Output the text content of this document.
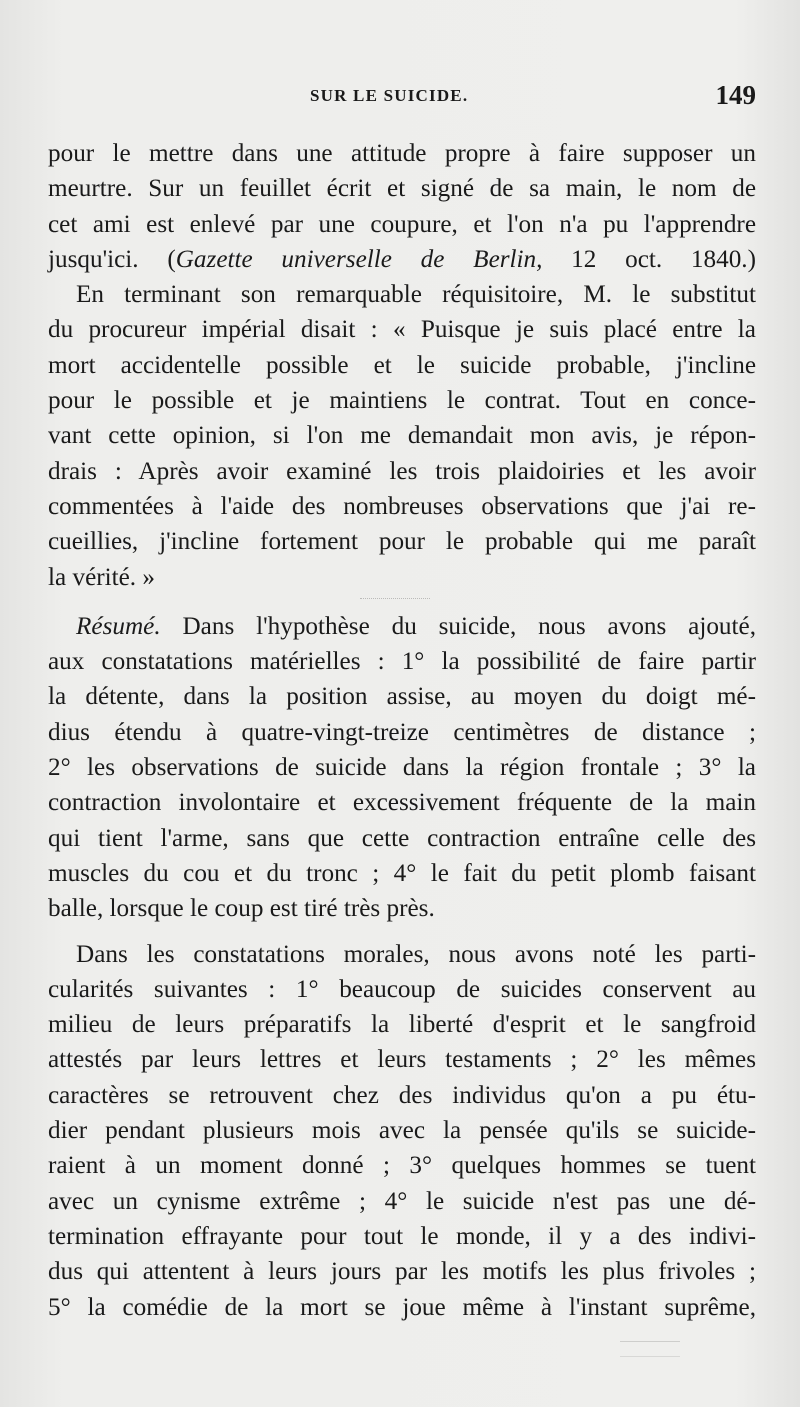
SUR LE SUICIDE.	149
pour le mettre dans une attitude propre à faire supposer un
meurtre. Sur un feuillet écrit et signé de sa main, le nom de
cet ami est enlevé par une coupure, et l'on n'a pu l'apprendre
jusqu'ici. (Gazette universelle de Berlin, 12 oct. 1840.)
En terminant son remarquable réquisitoire, M. le substitut
du procureur impérial disait : « Puisque je suis placé entre la
mort accidentelle possible et le suicide probable, j'incline
pour le possible et je maintiens le contrat. Tout en conce-
vant cette opinion, si l'on me demandait mon avis, je répon-
drais : Après avoir examiné les trois plaidoiries et les avoir
commentées à l'aide des nombreuses observations que j'ai re-
cueillies, j'incline fortement pour le probable qui me paraît
la vérité. »
Résumé. Dans l'hypothèse du suicide, nous avons ajouté,
aux constatations matérielles : 1° la possibilité de faire partir
la détente, dans la position assise, au moyen du doigt mé-
dius étendu à quatre-vingt-treize centimètres de distance ;
2° les observations de suicide dans la région frontale ; 3° la
contraction involontaire et excessivement fréquente de la main
qui tient l'arme, sans que cette contraction entraîne celle des
muscles du cou et du tronc ; 4° le fait du petit plomb faisant
balle, lorsque le coup est tiré très près.
Dans les constatations morales, nous avons noté les parti-
cularités suivantes : 1° beaucoup de suicides conservent au
milieu de leurs préparatifs la liberté d'esprit et le sangfroid
attestés par leurs lettres et leurs testaments ; 2° les mêmes
caractères se retrouvent chez des individus qu'on a pu étu-
dier pendant plusieurs mois avec la pensée qu'ils se suicide-
raient à un moment donné ; 3° quelques hommes se tuent
avec un cynisme extrême ; 4° le suicide n'est pas une dé-
termination effrayante pour tout le monde, il y a des indivi-
dus qui attentent à leurs jours par les motifs les plus frivoles ;
5° la comédie de la mort se joue même à l'instant suprême,
